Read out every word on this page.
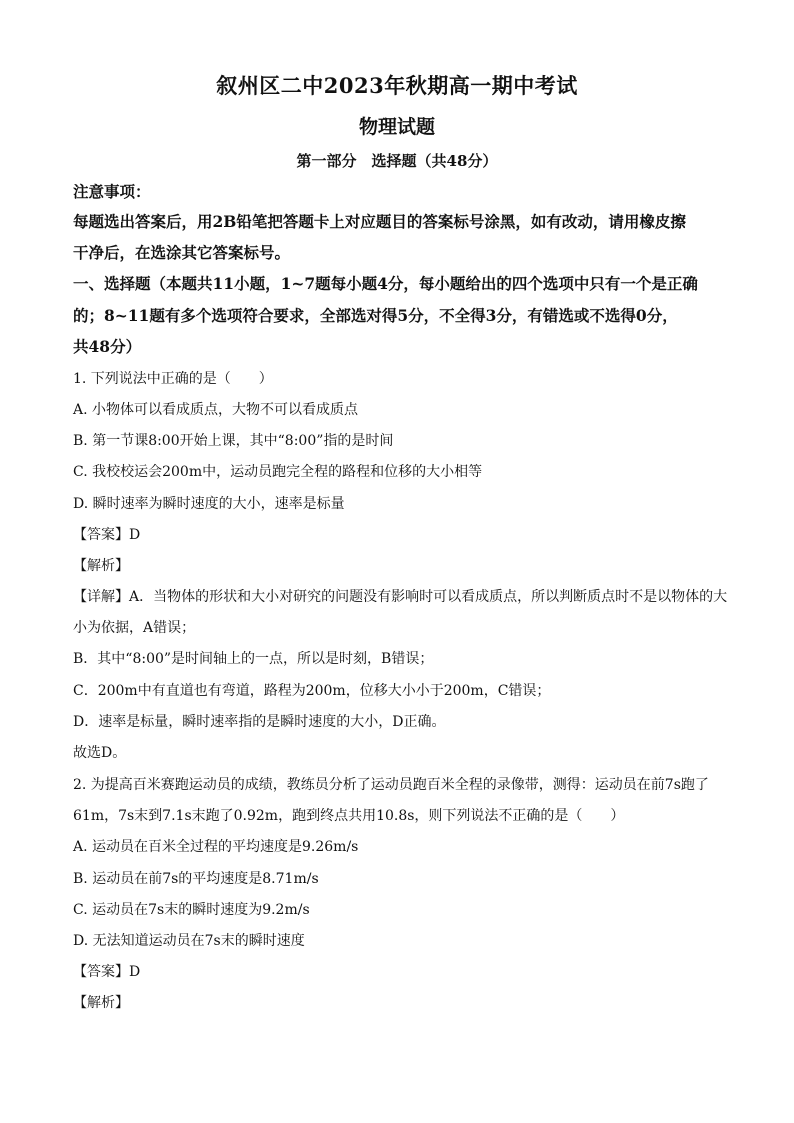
叙州区二中2023年秋期高一期中考试
物理试题
第一部分　选择题（共48分）
注意事项：
每题选出答案后，用2B铅笔把答题卡上对应题目的答案标号涂黑，如有改动，请用橡皮擦
干净后，在选涂其它答案标号。
一、选择题（本题共11小题，1~7题每小题4分，每小题给出的四个选项中只有一个是正确
的；8~11题有多个选项符合要求，全部选对得5分，不全得3分，有错选或不选得0分，
共48分）
1. 下列说法中正确的是（　　）
A. 小物体可以看成质点，大物不可以看成质点
B. 第一节课8:00开始上课，其中“8:00”指的是时间
C. 我校校运会200m中，运动员跑完全程的路程和位移的大小相等
D. 瞬时速率为瞬时速度的大小，速率是标量
【答案】D
【解析】
【详解】A．当物体的形状和大小对研究的问题没有影响时可以看成质点，所以判断质点时不是以物体的大
小为依据，A错误；
B．其中“8:00”是时间轴上的一点，所以是时刻，B错误；
C．200m中有直道也有弯道，路程为200m，位移大小小于200m，C错误；
D．速率是标量，瞬时速率指的是瞬时速度的大小，D正确。
故选D。
2. 为提高百米赛跑运动员的成绩，教练员分析了运动员跑百米全程的录像带，测得：运动员在前7s跑了
61m，7s末到7.1s末跑了0.92m，跑到终点共用10.8s，则下列说法不正确的是（　　）
A. 运动员在百米全过程的平均速度是9.26m/s
B. 运动员在前7s的平均速度是8.71m/s
C. 运动员在7s末的瞬时速度为9.2m/s
D. 无法知道运动员在7s末的瞬时速度
【答案】D
【解析】
